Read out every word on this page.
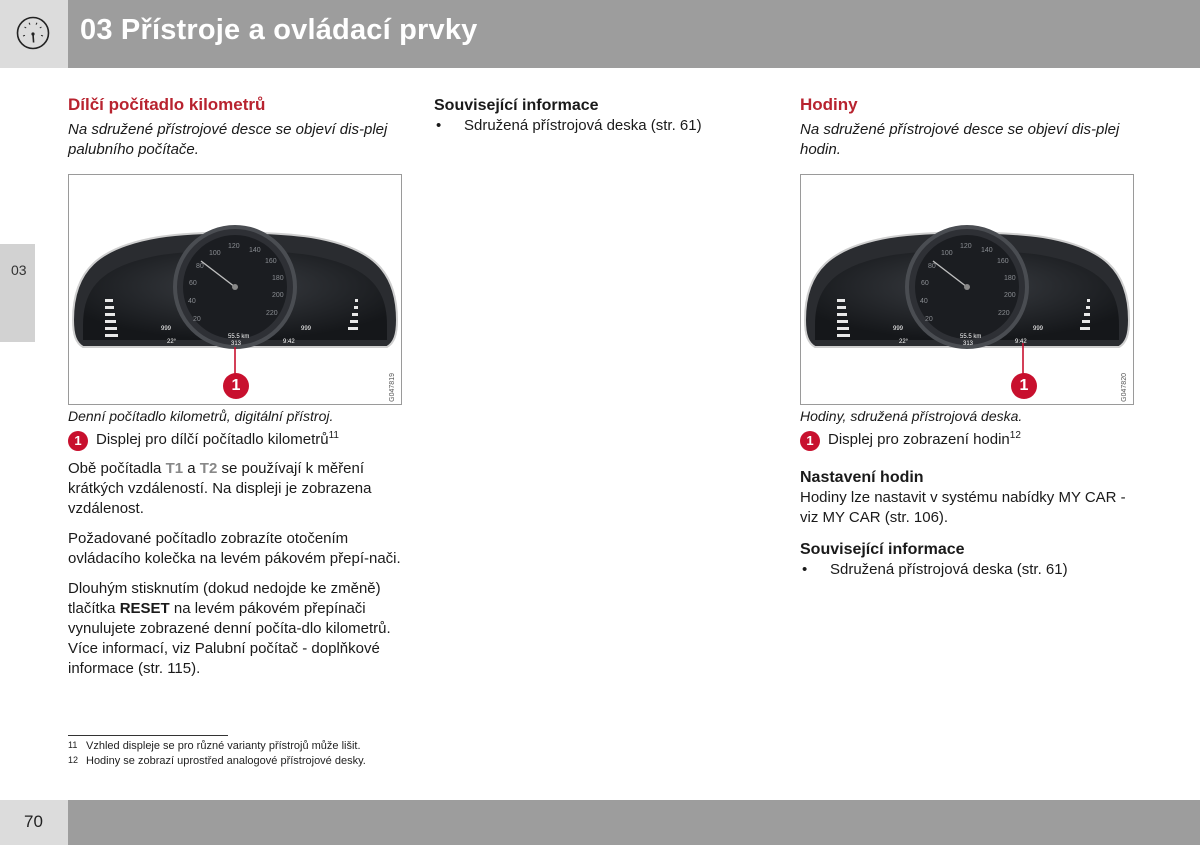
03 Přístroje a ovládací prvky
03
Dílčí počítadlo kilometrů

Na sdružené přístrojové desce se objeví dis-plej palubního počítače.

20
40
60
80
100
120
140
160
180
200
220
55.5 km
313
22°	9:42
999	999
1	G047819

Denní počítadlo kilometrů, digitální přístroj.

1 Displej pro dílčí počítadlo kilometrů$^{11}$

Obě počítadla T1 a T2 se používají k měření krátkých vzdáleností. Na displeji je zobrazena vzdálenost.

Požadované počítadlo zobrazíte otočením ovládacího kolečka na levém pákovém přepí-nači.

Dlouhým stisknutím (dokud nedojde ke změně) tlačítka RESET na levém pákovém přepínači vynulujete zobrazené denní počíta-dlo kilometrů. Více informací, viz Palubní počítač - doplňkové informace (str. 115).

Související informace
•	Sdružená přístrojová deska (str. 61)
Hodiny

Na sdružené přístrojové desce se objeví dis-plej hodin.

20
40
60
80
100
120
140
160
180
200
220
55.5 km
313
22°	9:42
999	999
1	G047820

Hodiny, sdružená přístrojová deska.

1 Displej pro zobrazení hodin$^{12}$
Nastavení hodin

Hodiny lze nastavit v systému nabídky MY CAR - viz MY CAR (str. 106).

Související informace
•	Sdružená přístrojová deska (str. 61)
11 Vzhled displeje se pro různé varianty přístrojů může lišit.
12 Hodiny se zobrazí uprostřed analogové přístrojové desky.
70
